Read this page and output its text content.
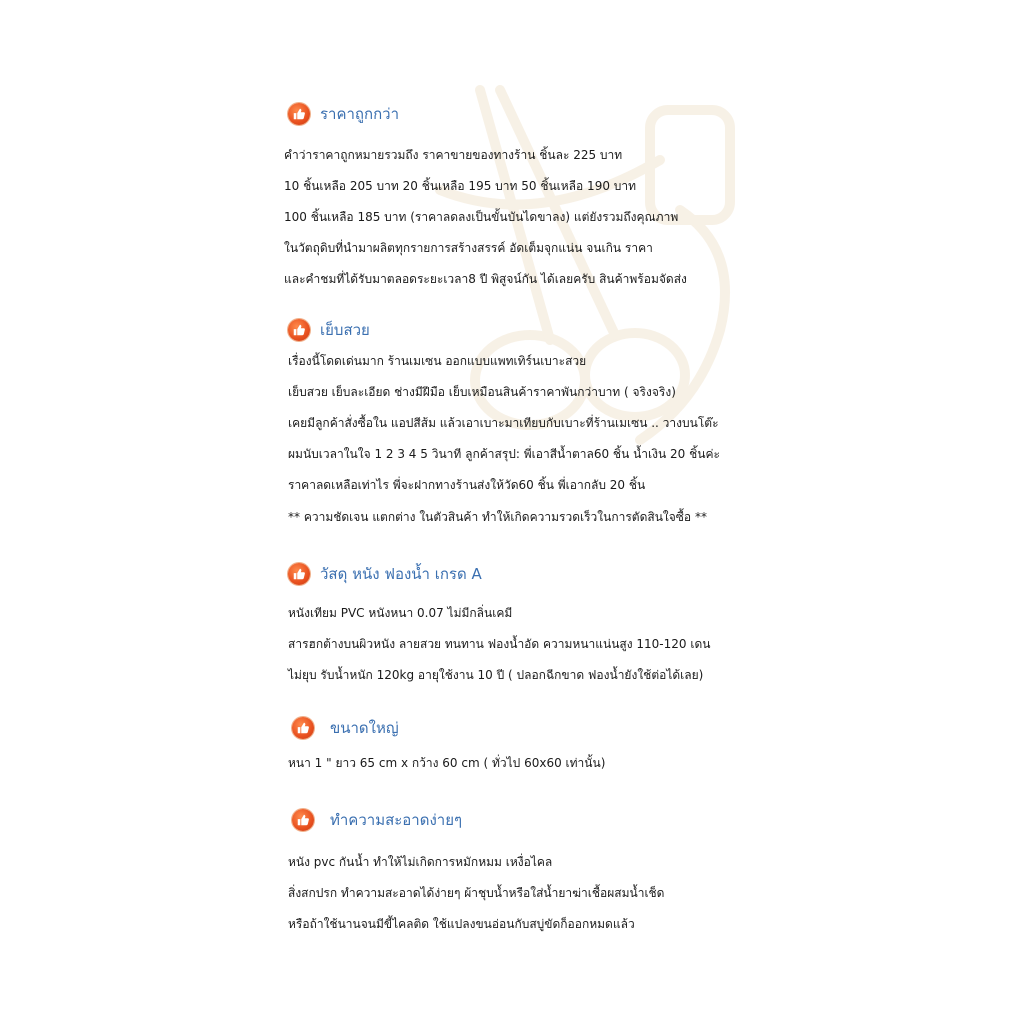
ราคาถูกกว่า
คำว่าราคาถูกหมายรวมถึง ราคาขายของทางร้าน ชิ้นละ 225 บาท
10 ชิ้นเหลือ 205 บาท 20 ชิ้นเหลือ 195 บาท 50 ชิ้นเหลือ 190 บาท
100 ชิ้นเหลือ 185 บาท (ราคาลดลงเป็นขั้นบันไดขาลง) แต่ยังรวมถึงคุณภาพ
ในวัตถุดิบที่นำมาผลิตทุกรายการสร้างสรรค์ อัดเต็มจุกแน่น จนเกิน ราคา
และคำชมที่ได้รับมาตลอดระยะเวลา8 ปี พิสูจน์กัน ได้เลยครับ สินค้าพร้อมจัดส่ง
เย็บสวย
เรื่องนี้โดดเด่นมาก ร้านเมเซน ออกแบบแพทเทิร์นเบาะสวย
เย็บสวย เย็บละเอียด ช่างมีฝีมือ เย็บเหมือนสินค้าราคาพันกว่าบาท ( จริงจริง)
เคยมีลูกค้าสั่งซื้อใน แอปสีส้ม แล้วเอาเบาะมาเทียบกับเบาะที่ร้านเมเซน .. วางบนโต๊ะ
ผมนับเวลาในใจ 1 2 3 4 5 วินาที ลูกค้าสรุป: พี่เอาสีน้ำตาล60 ชิ้น น้ำเงิน 20 ชิ้นค่ะ
ราคาลดเหลือเท่าไร พี่จะฝากทางร้านส่งให้วัด60 ชิ้น พี่เอากลับ 20 ชิ้น
** ความชัดเจน แตกต่าง ในตัวสินค้า ทำให้เกิดความรวดเร็วในการตัดสินใจซื้อ **
วัสดุ หนัง ฟองน้ำ เกรด A
หนังเทียม PVC หนังหนา 0.07 ไม่มีกลิ่นเคมี
สารฮกต้างบนผิวหนัง ลายสวย ทนทาน ฟองน้ำอัด ความหนาแน่นสูง 110-120 เดน
ไม่ยุบ รับน้ำหนัก 120kg อายุใช้งาน 10 ปี ( ปลอกฉีกขาด ฟองน้ำยังใช้ต่อได้เลย)
ขนาดใหญ่
หนา 1 " ยาว 65 cm x กว้าง 60 cm ( ทั่วไป 60x60 เท่านั้น)
ทำความสะอาดง่ายๆ
หนัง pvc กันน้ำ ทำให้ไม่เกิดการหมักหมม เหงื่อไคล
สิ่งสกปรก ทำความสะอาดได้ง่ายๆ ผ้าชุบน้ำหรือใส่น้ำยาฆ่าเชื้อผสมน้ำเช็ด
หรือถ้าใช้นานจนมีขี้ไคลติด ใช้แปลงขนอ่อนกับสบู่ขัดก็ออกหมดแล้ว
